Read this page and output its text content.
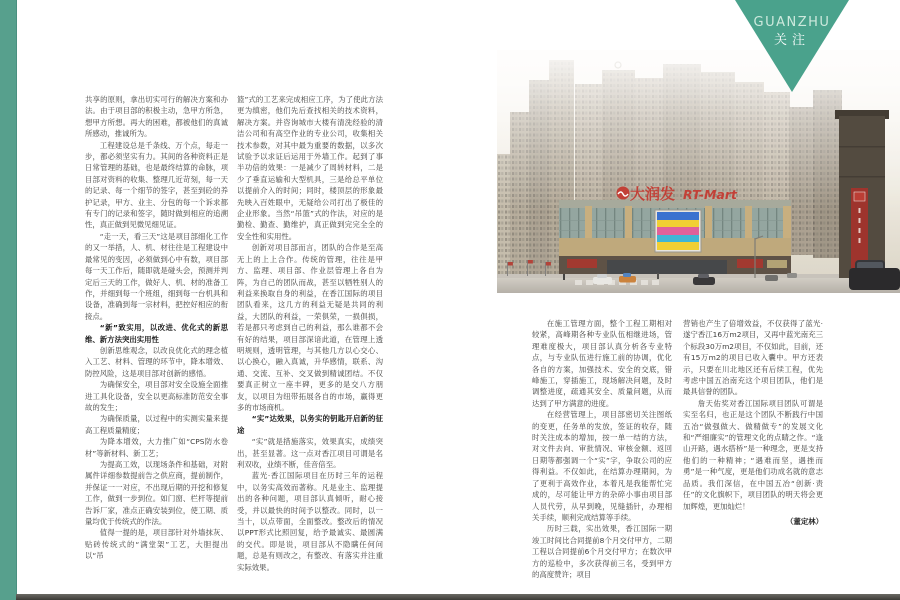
大润发 RT-Mart
GUANZHU
关注

共享的原则，拿出切实可行的解决方案和办法。由于项目部的积极主动，急甲方所急，想甲方所想。再大的困难，都被他们的真诚所感动，推诚所为。

工程建设总是千条线、万个点，每走一步，都必须坚实有力。其间的各种资料正是日常管理的基础，也是最终结算的命脉，项目部对资料的收集、整理几近苛刻，每一天的记录、每一个细节的签字，甚至到砼的养护记录，甲方、业主、分包的每一个诉求都有专门的记录和签字，随时做到相应的追溯性，真正做到见微见细见证。

“走一天，看三天”这是项目部细化工作的又一举措，人、机、材往往是工程建设中最常见的变因，必须做到心中有数，项目部每一天工作后，随即就是碰头会，预测并判定后三天的工作，做好人、机、材的准备工作，并细到每一个班组，细到每一台机具和设备，准确到每一宗材料，把控好相应的衔接点。

“新”致实用，以改进、优化式的新思维、新方法突出实用性

创新思维观念，以改良优化式的理念植入工艺、材料、管理的环节中，降本增效、防控风险，这是项目部对创新的感悟。

为确保安全，项目部对安全设施全面推进工具化设备，安全以更高标准防范安全事故的发生；

为确保质量，以过程中的实测实量来提高工程质量精度；

为降本增效，大力推广如“CPS防水卷材”等新材料、新工艺；

为提高工效，以现场条件和基础，对附属件详细参数提前告之供应商，提前制作，并保证一一对应，不出现后期的开挖和修复工作，做到一步到位。如门窗、栏杆等提前告诉厂家，准点正确安装到位，使工期、质量均优于传统式的作法。

值得一提的是，项目部针对外墙抹灰、贴砖传统式的“满堂架”工艺，大胆提出以“吊

篮”式的工艺来完成相应工序，为了使此方法更为缜密，他们先后查找相关的技术资料，解决方案。并咨询城市大楼有清洗经验的清洁公司和有高空作业的专业公司，收集相关技术参数，对其中最为重要的数据，以多次试验予以求证后运用于外墙工作。起到了事半功倍的效果：一是减少了周转材料，二是少了垂直运输和大型机具，三是给总平单位以提前介入的时间；同时，楼顶层的形象最先映入百姓眼中，无疑给公司打出了极佳的企业形象。当然“吊篮”式的作法，对应的是勤检、勤查、勤维护，真正做到完完全全的安全性和实用性。

创新对项目部而言，团队的合作是至高无上的上上合作。传统的管理，往往是甲方、监理、项目部、作业层管理上各自为阵，为自己的团队而战，甚至以牺牲别人的利益来换取自身的利益，在香江国际的项目团队看来，这几方的利益无疑是共同的利益，大团队的利益，一荣俱荣，一损俱损，若是都只考虑到自己的利益，那么谁都不会有好的结果，项目部深谙此道，在管理上透明规则，透明管理，与其他几方以心交心、以心换心，融入真诚，升华感情，联系、沟通、交流、互补、交叉做到精诚团结。不仅要真正树立一座丰碑，更多的是交八方朋友，以项目为纽带拓展各自的市场，赢得更多的市场商机。

“实”达效果，以务实的钥匙开启新的征途

“实”就是措施落实，效果真实，成绩突出，甚至显著。这一点对香江项目可谓是名利双收，业绩不断，佳音倍至。

蓝光·香江国际项目在历时三年的运程中，以务实高效而著称。凡是业主、监理提出的各种问题，项目部认真倾听，耐心接受，并以最快的时间予以整改。同时，以一当十，以点带面，全面整改。整改后的情况以PPT形式比照回复，给予最诚实、最圆满的交代。即是说，项目部从不隐瞒任何问题，总是有则改之，有整改、有落实并注重实际效果。

在施工管理方面，整个工程工期相对较紧，高峰期各种专业队伍相继进场，管理难度极大，项目部认真分析各专业特点，与专业队伍进行施工前的协调，优化各自的方案，加强技术、安全的交底，错峰施工，穿插施工，现场解决问题，及时调整进度，疏通其安全、质量问题，从而达到了甲方满意的进度。

在经营管理上，项目部密切关注图纸的变更，任务单的发放，签证的收存，随时关注成本的增加，按一单一结的方法，对文件去向、审批情况、审核金额、返回日期等都强调一个“实”字，争取公司的应得利益。不仅如此，在结算办理期间，为了更利于高效作业，本着凡是我能帮忙完成的，尽可能让甲方的杂碎小事由项目部人员代劳，从早到晚，见缝插针，办理相关手续，顺利完成结算等手续。

历时三载，实出效果，香江国际一期竣工时间比合同提前8个月交付甲方，二期工程以合同提前6个月交付甲方；在数次甲方的巡检中，多次获得前三名，受到甲方的高度赞许；项目

营销也产生了倍增效益，不仅获得了蓝光·遂宁香江16万m2项目，又再中蓝光南充三个标段30万m2项目，不仅如此，目前，还有15万m2的项目已收入囊中。甲方还表示，只要在川北地区还有后续工程，优先考虑中国五冶南充这个项目团队，他们是最具信誉的团队。

詹天佑奖对香江国际项目团队可谓是实至名归，也正是这个团队不断践行中国五冶“做强做大、做精做专”的发展文化和“严细廉实”的管理文化的点睛之作。“逢山开路，遇水搭桥”是一种理念，更是支持他们的一种精神；“遇难而坚，遇挫而勇”是一种气度，更是他们功成名就的意志品质。我们深信，在中国五冶“创新·责任”的文化旗帜下，项目团队的明天将会更加辉煌，更加灿烂！

（董定林）
